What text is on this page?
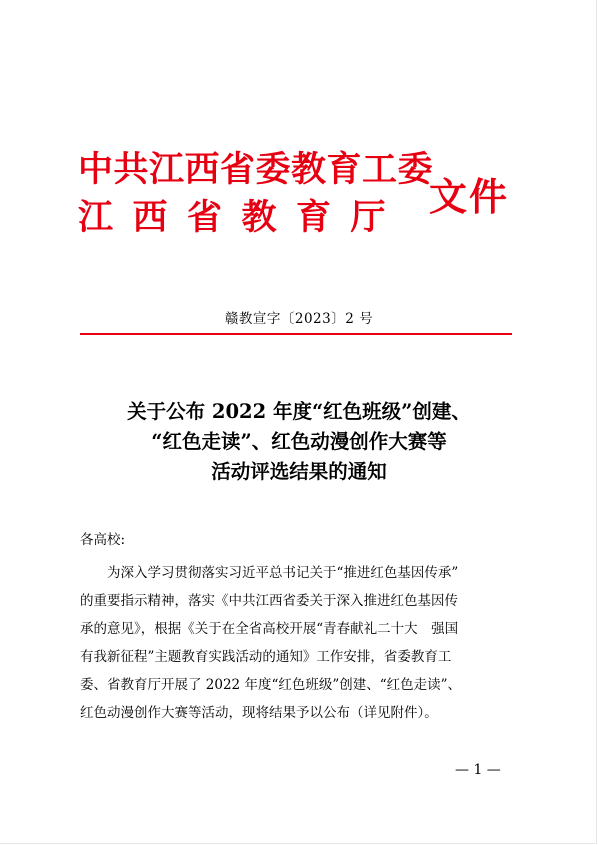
中共江西省委教育工委
江西省教育厅 文件
赣教宣字〔2023〕2 号
关于公布 2022 年度“红色班级”创建、
“红色走读”、红色动漫创作大赛等
活动评选结果的通知
各高校:
为深入学习贯彻落实习近平总书记关于“推进红色基因传承”
的重要指示精神，落实《中共江西省委关于深入推进红色基因传
承的意见》，根据《关于在全省高校开展“青春献礼二十大　强国
有我新征程”主题教育实践活动的通知》工作安排，省委教育工
委、省教育厅开展了 2022 年度“红色班级”创建、“红色走读”、
红色动漫创作大赛等活动，现将结果予以公布（详见附件）。
— 1 —
